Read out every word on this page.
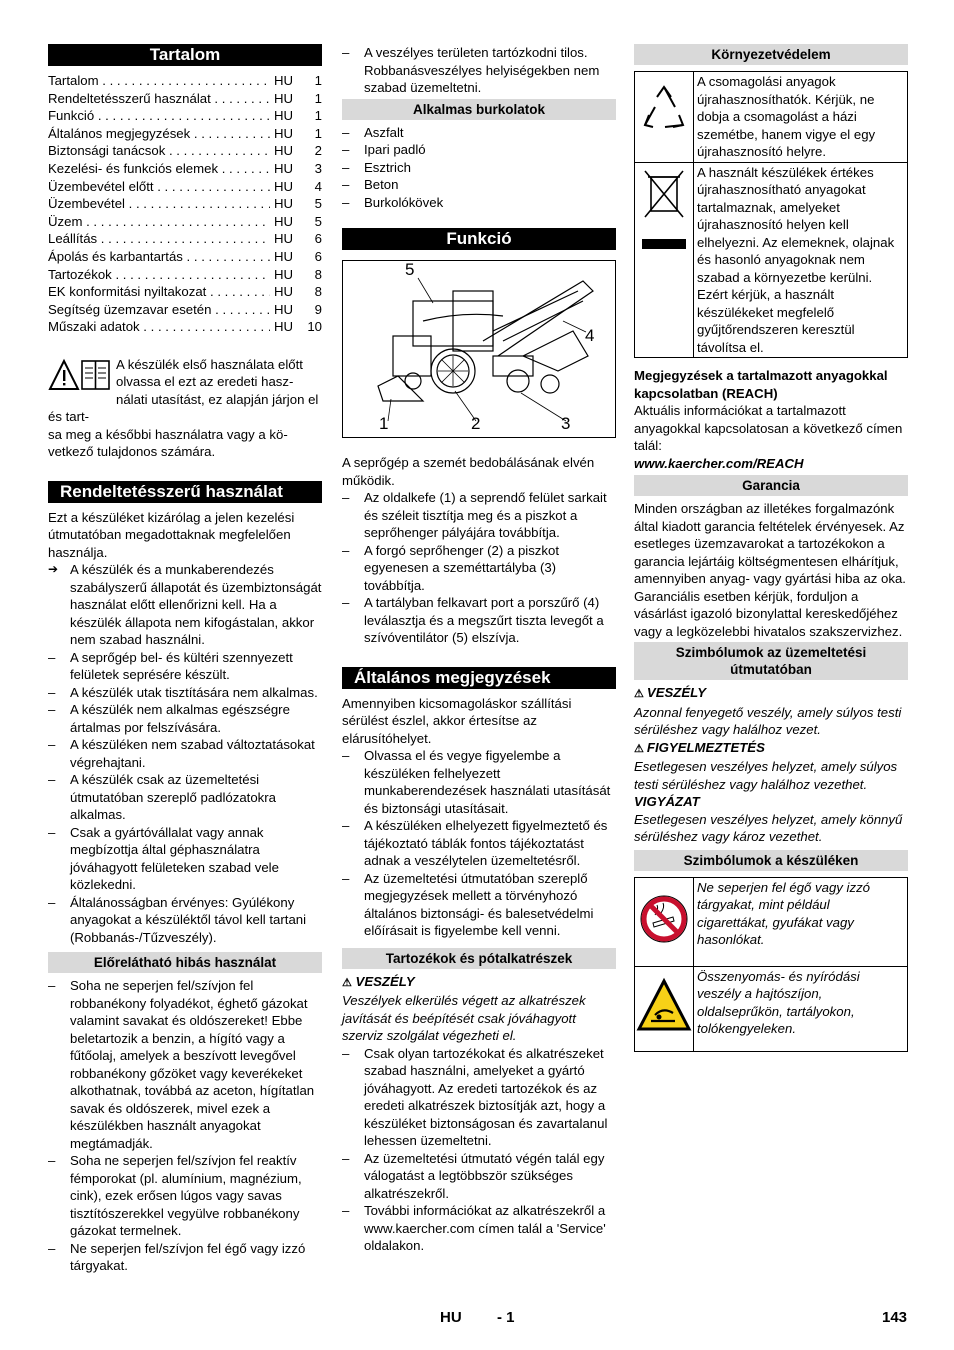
Tartalom
Tartalom . . .	HU	1
Rendeltetésszerű használat . . .	HU	1
Funkció . . .	HU	1
Általános megjegyzések . . .	HU	1
Biztonsági tanácsok . . .	HU	2
Kezelési- és funkciós elemek . . .	HU	3
Üzembevétel előtt . . .	HU	4
Üzembevétel . . .	HU	5
Üzem . . .	HU	5
Leállítás . . .	HU	6
Ápolás és karbantartás . . .	HU	6
Tartozékok . . .	HU	8
EK konformitási nyiltakozat . . .	HU	8
Segítség üzemzavar esetén . . .	HU	9
Műszaki adatok . . .	HU	10

A készülék első használata előtt

olvassa el ezt az eredeti hasz-

nálati utasítást, ez alapján járjon el és tart-

sa meg a későbbi használatra vagy a kö-

vetkező tulajdonos számára.

Rendeltetésszerű használat

Ezt a készüléket kizárólag a jelen kezelési útmutatóban megadottaknak megfelelően használja.

➔ A készülék és a munkaberendezés szabályszerű állapotát és üzembiztonságát használat előtt ellenőrizni kell. Ha a készülék állapota nem kifogástalan, akkor nem szabad használni.
– A seprőgép bel- és kültéri szennyezett felületek seprésére készült.
– A készülék utak tisztítására nem alkalmas.
– A készülék nem alkalmas egészségre ártalmas por felszívására.
– A készüléken nem szabad változtatásokat végrehajtani.
– A készülék csak az üzemeltetési útmutatóban szereplő padlózatokra alkalmas.
– Csak a gyártóvállalat vagy annak megbízottja által géphasználatra jóváhagyott felületeken szabad vele közlekedni.
– Általánosságban érvényes: Gyúlékony anyagokat a készüléktől távol kell tartani (Robbanás-/Tűzveszély).
Előrelátható hibás használat
– Soha ne seperjen fel/szívjon fel robbanékony folyadékot, éghető gázokat valamint savakat és oldószereket! Ebbe beletartozik a benzin, a hígító vagy a fűtőolaj, amelyek a beszívott levegővel robbanékony gőzöket vagy keverékeket alkothatnak, továbbá az aceton, hígítatlan savak és oldószerek, mivel ezek a készülékben használt anyagokat megtámadják.
– Soha ne seperjen fel/szívjon fel reaktív fémporokat (pl. alumínium, magnézium, cink), ezek erősen lúgos vagy savas tisztítószerekkel vegyülve robbanékony gázokat termelnek.
– Ne seperjen fel/szívjon fel égő vagy izzó tárgyakat.
– A veszélyes területen tartózkodni tilos. Robbanásveszélyes helyiségekben nem szabad üzemeltetni.
Alkalmas burkolatok
– Aszfalt
– Ipari padló
– Esztrich
– Beton
– Burkolókövek
Funkció
5
4
1	2	3

A seprőgép a szemét bedobálásának elvén működik.

– Az oldalkefe (1) a seprendő felület sarkait és széleit tisztítja meg és a piszkot a seprőhenger pályájára továbbítja.
– A forgó seprőhenger (2) a piszkot egyenesen a szeméttartályba (3) továbbítja.
– A tartályban felkavart port a porszűrő (4) leválasztja és a megszűrt tiszta levegőt a szívóventilátor (5) elszívja.
Általános megjegyzések

Amennyiben kicsomagoláskor szállítási sérülést észlel, akkor értesítse az elárusítóhelyet.

– Olvassa el és vegye figyelembe a készüléken felhelyezett munkaberendezések használati utasítását és biztonsági utasításait.
– A készüléken elhelyezett figyelmeztető és tájékoztató táblák fontos tájékoztatást adnak a veszélytelen üzemeltetésről.
– Az üzemeltetési útmutatóban szereplő megjegyzések mellett a törvényhozó általános biztonsági- és balesetvédelmi előírásait is figyelembe kell venni.
Tartozékok és pótalkatrészek

⚠ VESZÉLY

Veszélyek elkerülés végett az alkatrészek javítását és beépítését csak jóváhagyott szerviz szolgálat végezheti el.

– Csak olyan tartozékokat és alkatrészeket szabad használni, amelyeket a gyártó jóváhagyott. Az eredeti tartozékok és az eredeti alkatrészek biztosítják azt, hogy a készüléket biztonságosan és zavartalanul lehessen üzemeltetni.
– Az üzemeltetési útmutató végén talál egy válogatást a legtöbbször szükséges alkatrészekről.
– További információkat az alkatrészekről a www.kaercher.com címen talál a 'Service' oldalakon.
Környezetvédelem
	A csomagolási anyagok újrahasznosíthatók. Kérjük, ne dobja a csomagolást a házi szemétbe, hanem vigye el egy újrahasznosító helyre.
	A használt készülékek értékes újrahasznosítható anyagokat tartalmaznak, amelyeket újrahasznosító helyen kell elhelyezni. Az elemeknek, olajnak és hasonló anyagoknak nem szabad a környezetbe kerülni. Ezért kérjük, a használt készülékeket megfelelő gyűjtőrendszeren keresztül távolítsa el.

Megjegyzések a tartalmazott anyagokkal kapcsolatban (REACH)

Aktuális információkat a tartalmazott anyagokkal kapcsolatosan a következő címen talál:

www.kaercher.com/REACH

Garancia

Minden országban az illetékes forgalmazónk által kiadott garancia feltételek érvényesek. Az esetleges üzemzavarokat a tartozékokon a garancia lejártáig költségmentesen elhárítjuk, amennyiben anyag- vagy gyártási hiba az oka. Garanciális esetben kérjük, forduljon a vásárlást igazoló bizonylattal kereskedőjéhez vagy a legközelebbi hivatalos szakszervizhez.

Szimbólumok az üzemeltetési útmutatóban

⚠ VESZÉLY

Azonnal fenyegető veszély, amely súlyos testi sérüléshez vagy halálhoz vezet.

⚠ FIGYELMEZTETÉS

Esetlegesen veszélyes helyzet, amely súlyos testi sérüléshez vagy halálhoz vezethet.

VIGYÁZAT

Esetlegesen veszélyes helyzet, amely könnyű sérüléshez vagy károz vezethet.

Szimbólumok a készüléken
	Ne seperjen fel égő vagy izzó tárgyakat, mint például cigarettákat, gyufákat vagy hasonlókat.
	Összenyomás- és nyíródási veszély a hajtószíjon, oldalseprűkön, tartályokon, tolókengyeleken.
HU - 1	143
